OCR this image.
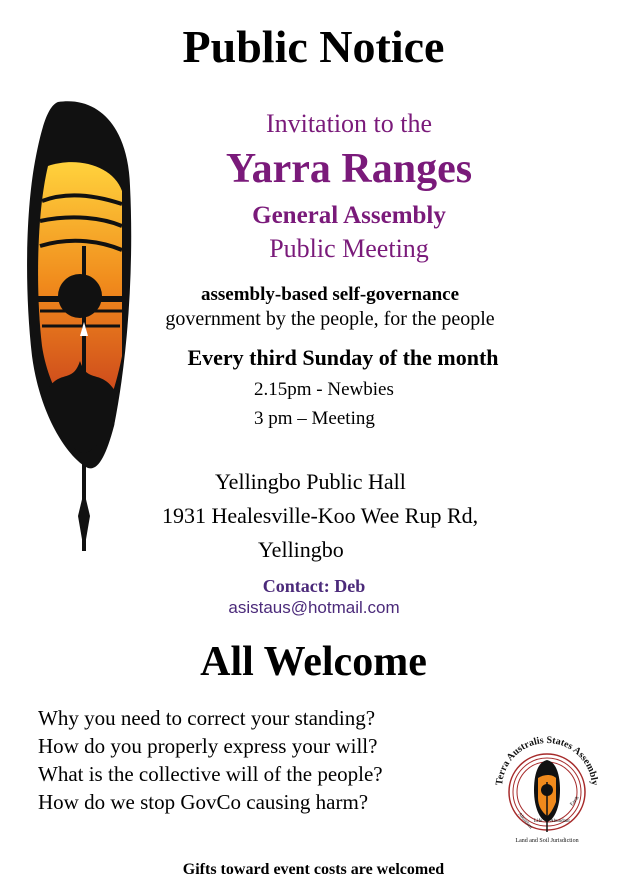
Public Notice
Invitation to the
Yarra Ranges
General Assembly
Public Meeting
assembly-based self-governance
government by the people, for the people
Every third Sunday of the month
2.15pm - Newbies
3 pm – Meeting
Yellingbo Public Hall
1931 Healesville-Koo Wee Rup Rd,
Yellingbo
Contact: Deb
asistaus@hotmail.com
All Welcome
Why you need to correct your standing?
How do you properly express your will?
What is the collective will of the people?
How do we stop GovCo causing harm?
Terra Australis States Assembly
Abundant Life Abundant
Earth
Land and Soil Jurisdiction
Gifts toward event costs are welcomed
